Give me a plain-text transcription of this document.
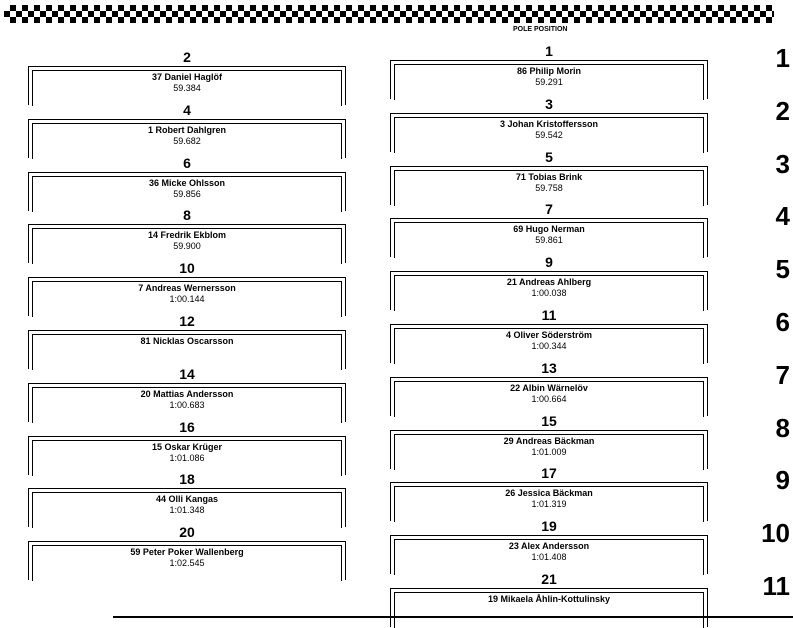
POLE POSITION
2
37 Daniel Haglöf
59.384
4
1 Robert Dahlgren
59.682
6
36 Micke Ohlsson
59.856
8
14 Fredrik Ekblom
59.900
10
7 Andreas Wernersson
1:00.144
12
81 Nicklas Oscarsson
14
20 Mattias Andersson
1:00.683
16
15 Oskar Krüger
1:01.086
18
44 Olli Kangas
1:01.348
20
59 Peter Poker Wallenberg
1:02.545
1
86 Philip Morin
59.291
3
3 Johan Kristoffersson
59.542
5
71 Tobias Brink
59.758
7
69 Hugo Nerman
59.861
9
21 Andreas Ahlberg
1:00.038
11
4 Oliver Söderström
1:00.344
13
22 Albin Wärnelöv
1:00.664
15
29 Andreas Bäckman
1:01.009
17
26 Jessica Bäckman
1:01.319
19
23 Alex Andersson
1:01.408
21
19 Mikaela Åhlin-Kottulinsky
1
2
3
4
5
6
7
8
9
10
11
